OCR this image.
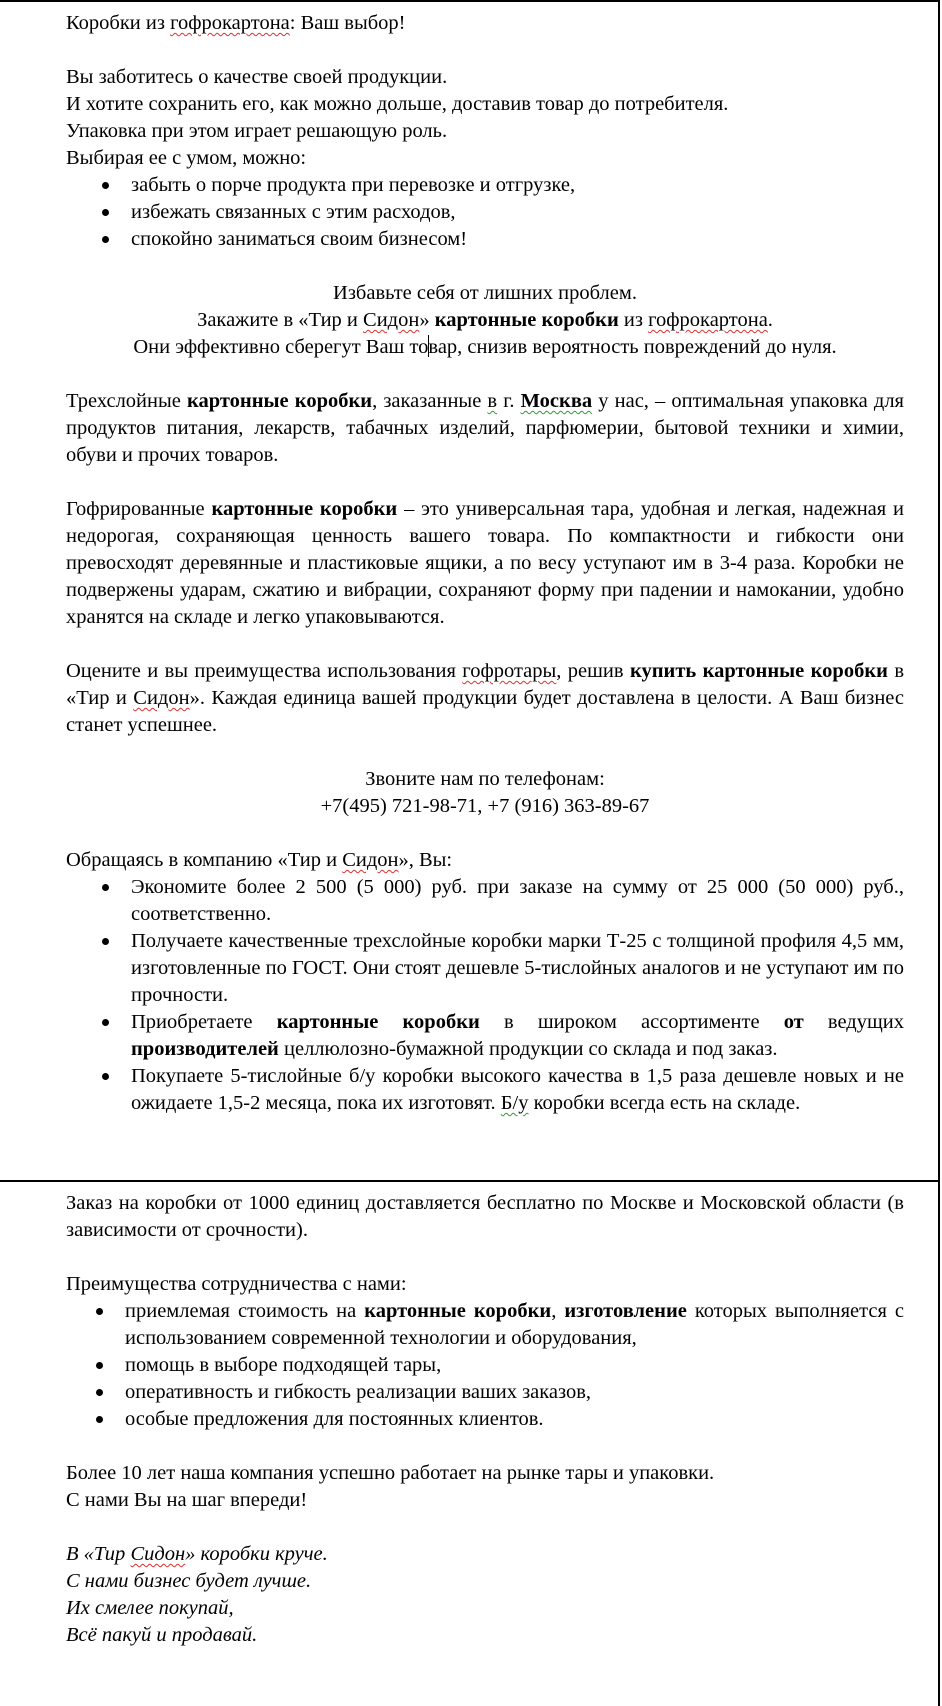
Коробки из гофрокартона: Ваш выбор!

Вы заботитесь о качестве своей продукции.

И хотите сохранить его, как можно дольше, доставив товар до потребителя.

Упаковка при этом играет решающую роль.

Выбирая ее с умом, можно:

забыть о порче продукта при перевозке и отгрузке,
избежать связанных с этим расходов,
спокойно заниматься своим бизнесом!

Избавьте себя от лишних проблем.

Закажите в «Тир и Сидон» картонные коробки из гофрокартона.

Они эффективно сберегут Ваш товар, снизив вероятность повреждений до нуля.

Трехслойные картонные коробки, заказанные в г. Москва у нас, – оптимальная упаковка для продуктов питания, лекарств, табачных изделий, парфюмерии, бытовой техники и химии, обуви и прочих товаров.

Гофрированные картонные коробки – это универсальная тара, удобная и легкая, надежная и недорогая, сохраняющая ценность вашего товара. По компактности и гибкости они превосходят деревянные и пластиковые ящики, а по весу уступают им в 3-4 раза. Коробки не подвержены ударам, сжатию и вибрации, сохраняют форму при падении и намокании, удобно хранятся на складе и легко упаковываются.

Оцените и вы преимущества использования гофротары, решив купить картонные коробки в «Тир и Сидон». Каждая единица вашей продукции будет доставлена в целости. А Ваш бизнес станет успешнее.

Звоните нам по телефонам:

+7(495) 721-98-71, +7 (916) 363-89-67

Обращаясь в компанию «Тир и Сидон», Вы:

Экономите более 2 500 (5 000) руб. при заказе на сумму от 25 000 (50 000) руб., соответственно.
Получаете качественные трехслойные коробки марки Т-25 с толщиной профиля 4,5 мм, изготовленные по ГОСТ. Они стоят дешевле 5-тислойных аналогов и не уступают им по прочности.
Приобретаете картонные коробки в широком ассортименте от ведущих производителей целлюлозно-бумажной продукции со склада и под заказ.
Покупаете 5-тислойные б/у коробки высокого качества в 1,5 раза дешевле новых и не ожидаете 1,5-2 месяца, пока их изготовят. Б/у коробки всегда есть на складе.

Заказ на коробки от 1000 единиц доставляется бесплатно по Москве и Московской области (в зависимости от срочности).

Преимущества сотрудничества с нами:

приемлемая стоимость на картонные коробки, изготовление которых выполняется с использованием современной технологии и оборудования,
помощь в выборе подходящей тары,
оперативность и гибкость реализации ваших заказов,
особые предложения для постоянных клиентов.

Более 10 лет наша компания успешно работает на рынке тары и упаковки.

С нами Вы на шаг впереди!

В «Тир Сидон» коробки круче.

С нами бизнес будет лучше.

Их смелее покупай,

Всё пакуй и продавай.
